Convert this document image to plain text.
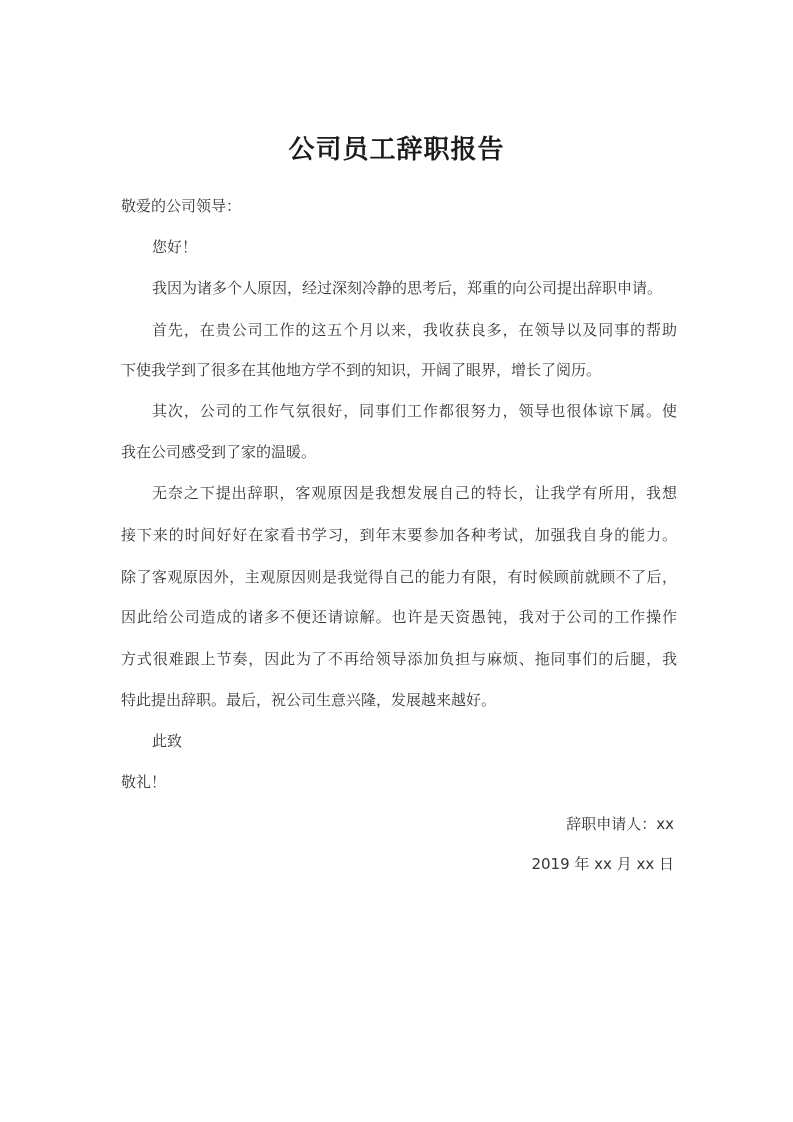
公司员工辞职报告
敬爱的公司领导：
您好！
我因为诸多个人原因，经过深刻冷静的思考后，郑重的向公司提出辞职申请。
首先，在贵公司工作的这五个月以来，我收获良多，在领导以及同事的帮助
下使我学到了很多在其他地方学不到的知识，开阔了眼界，增长了阅历。
其次，公司的工作气氛很好，同事们工作都很努力，领导也很体谅下属。使
我在公司感受到了家的温暖。
无奈之下提出辞职，客观原因是我想发展自己的特长，让我学有所用，我想
接下来的时间好好在家看书学习，到年末要参加各种考试，加强我自身的能力。
除了客观原因外，主观原因则是我觉得自己的能力有限，有时候顾前就顾不了后，
因此给公司造成的诸多不便还请谅解。也许是天资愚钝，我对于公司的工作操作
方式很难跟上节奏，因此为了不再给领导添加负担与麻烦、拖同事们的后腿，我
特此提出辞职。最后，祝公司生意兴隆，发展越来越好。
此致
敬礼！
辞职申请人：xx
2019 年 xx 月 xx 日
